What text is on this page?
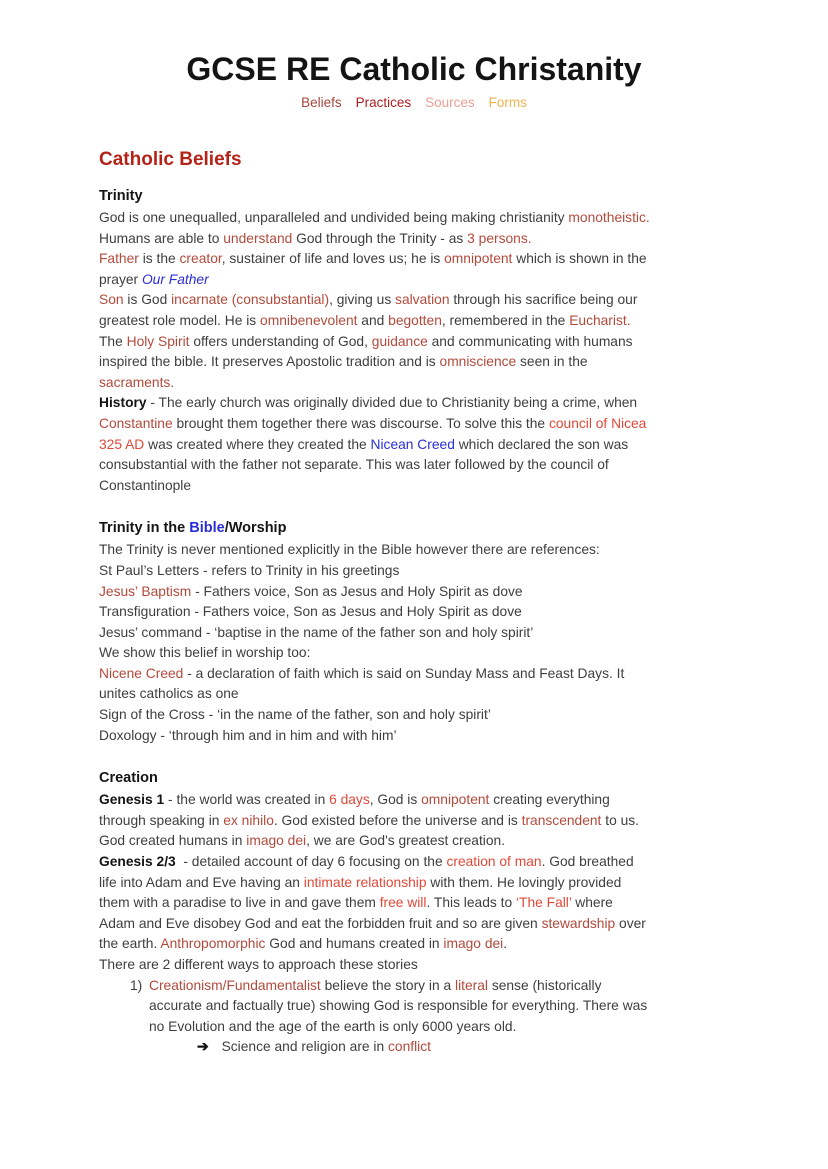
GCSE RE Catholic Christanity
Beliefs Practices Sources Forms
Catholic Beliefs
Trinity
God is one unequalled, unparalleled and undivided being making christianity monotheistic.
Humans are able to understand God through the Trinity - as 3 persons.
Father is the creator, sustainer of life and loves us; he is omnipotent which is shown in the
prayer Our Father
Son is God incarnate (consubstantial), giving us salvation through his sacrifice being our
greatest role model. He is omnibenevolent and begotten, remembered in the Eucharist.
The Holy Spirit offers understanding of God, guidance and communicating with humans
inspired the bible. It preserves Apostolic tradition and is omniscience seen in the
sacraments.
History - The early church was originally divided due to Christianity being a crime, when
Constantine brought them together there was discourse. To solve this the council of Nicea
325 AD was created where they created the Nicean Creed which declared the son was
consubstantial with the father not separate. This was later followed by the council of
Constantinople
Trinity in the Bible/Worship
The Trinity is never mentioned explicitly in the Bible however there are references:
St Paul’s Letters - refers to Trinity in his greetings
Jesus’ Baptism - Fathers voice, Son as Jesus and Holy Spirit as dove
Transfiguration - Fathers voice, Son as Jesus and Holy Spirit as dove
Jesus’ command - ‘baptise in the name of the father son and holy spirit’
We show this belief in worship too:
Nicene Creed - a declaration of faith which is said on Sunday Mass and Feast Days. It
unites catholics as one
Sign of the Cross - ‘in the name of the father, son and holy spirit’
Doxology - ‘through him and in him and with him’
Creation
Genesis 1 - the world was created in 6 days, God is omnipotent creating everything
through speaking in ex nihilo. God existed before the universe and is transcendent to us.
God created humans in imago dei, we are God's greatest creation.
Genesis 2/3  - detailed account of day 6 focusing on the creation of man. God breathed
life into Adam and Eve having an intimate relationship with them. He lovingly provided
them with a paradise to live in and gave them free will. This leads to ‘The Fall’ where
Adam and Eve disobey God and eat the forbidden fruit and so are given stewardship over
the earth. Anthropomorphic God and humans created in imago dei.
There are 2 different ways to approach these stories
1) Creationism/Fundamentalist believe the story in a literal sense (historically
accurate and factually true) showing God is responsible for everything. There was
no Evolution and the age of the earth is only 6000 years old.
➔ Science and religion are in conflict
